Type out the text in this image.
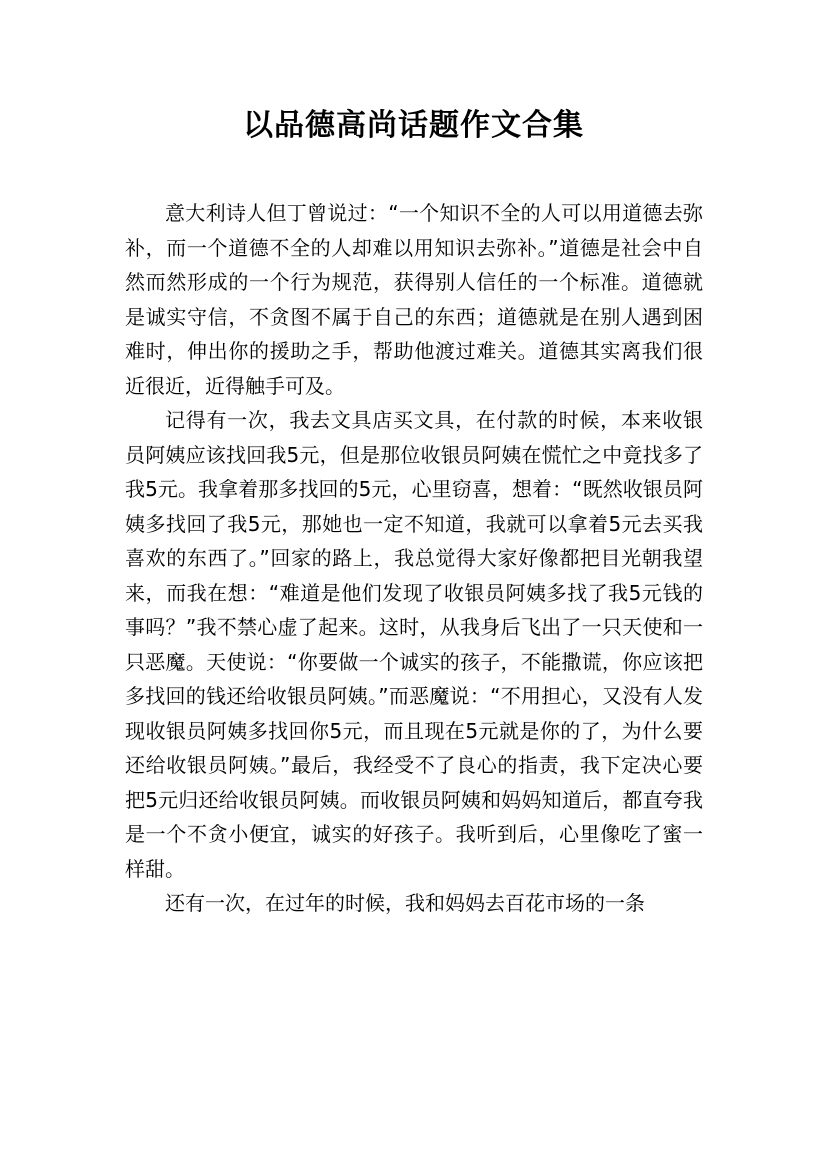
以品德高尚话题作文合集

意大利诗人但丁曾说过：“一个知识不全的人可以用道德去弥补，而一个道德不全的人却难以用知识去弥补。”道德是社会中自然而然形成的一个行为规范，获得别人信任的一个标准。道德就是诚实守信，不贪图不属于自己的东西；道德就是在别人遇到困难时，伸出你的援助之手，帮助他渡过难关。道德其实离我们很近很近，近得触手可及。

记得有一次，我去文具店买文具，在付款的时候，本来收银员阿姨应该找回我5元，但是那位收银员阿姨在慌忙之中竟找多了我5元。我拿着那多找回的5元，心里窃喜，想着：“既然收银员阿姨多找回了我5元，那她也一定不知道，我就可以拿着5元去买我喜欢的东西了。”回家的路上，我总觉得大家好像都把目光朝我望来，而我在想：“难道是他们发现了收银员阿姨多找了我5元钱的事吗？”我不禁心虚了起来。这时，从我身后飞出了一只天使和一只恶魔。天使说：“你要做一个诚实的孩子，不能撒谎，你应该把多找回的钱还给收银员阿姨。”而恶魔说：“不用担心，又没有人发现收银员阿姨多找回你5元，而且现在5元就是你的了，为什么要还给收银员阿姨。”最后，我经受不了良心的指责，我下定决心要把5元归还给收银员阿姨。而收银员阿姨和妈妈知道后，都直夸我是一个不贪小便宜，诚实的好孩子。我听到后，心里像吃了蜜一样甜。

还有一次，在过年的时候，我和妈妈去百花市场的一条
